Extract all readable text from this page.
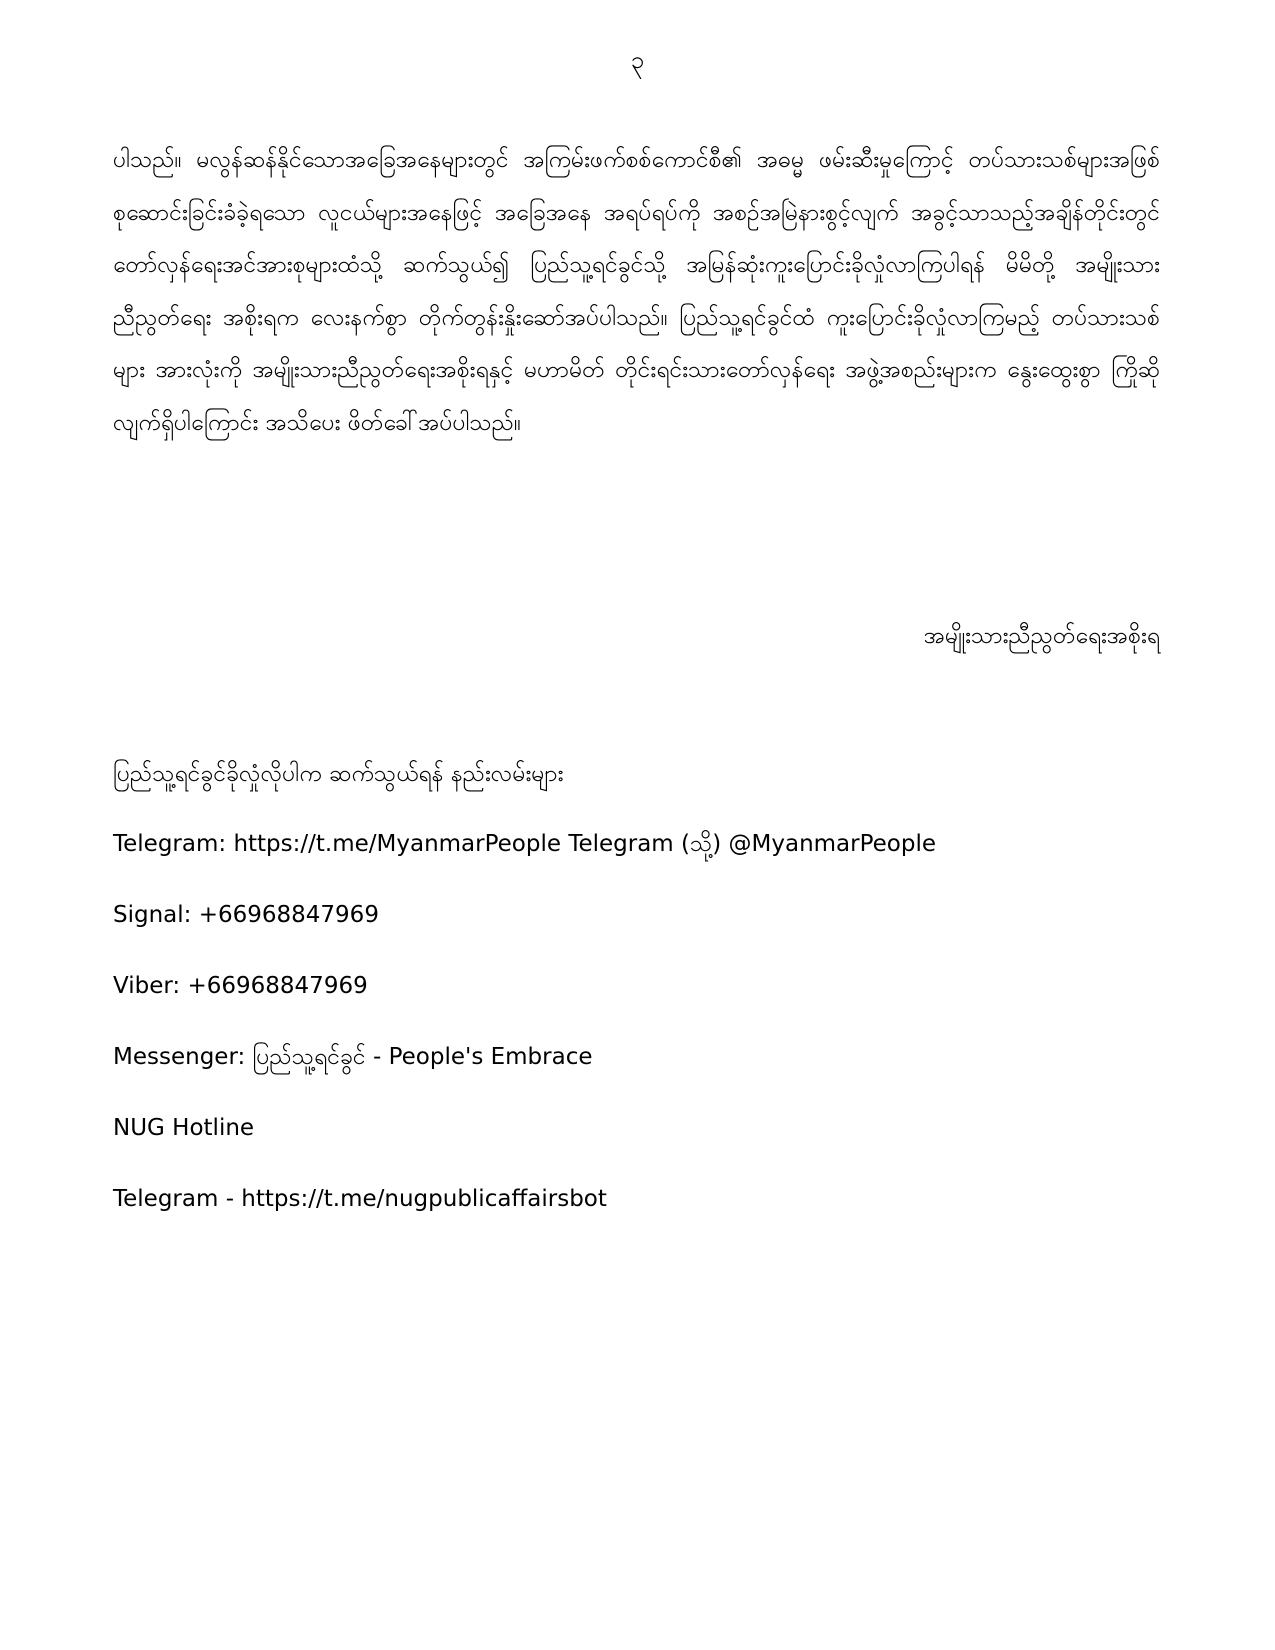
၃

ပါသည်။ မလွန်ဆန်နိုင်သောအခြေအနေများတွင် အကြမ်းဖက်စစ်ကောင်စီ၏ အဓမ္မ ဖမ်းဆီးမှုကြောင့် တပ်သားသစ်များအဖြစ် စုဆောင်းခြင်းခံခဲ့ရသော လူငယ်များအနေဖြင့် အခြေအနေ အရပ်ရပ်ကို အစဉ်အမြဲနားစွင့်လျက် အခွင့်သာသည့်အချိန်တိုင်းတွင် တော်လှန်ရေးအင်အားစုများထံသို့ ဆက်သွယ်၍ ပြည်သူ့ရင်ခွင်သို့ အမြန်ဆုံးကူးပြောင်းခိုလှုံလာကြပါရန် မိမိတို့ အမျိုးသားညီညွတ်ရေး အစိုးရက လေးနက်စွာ တိုက်တွန်းနှိုးဆော်အပ်ပါသည်။ ပြည်သူ့ရင်ခွင်ထံ ကူးပြောင်းခိုလှုံလာကြမည့် တပ်သားသစ်များ အားလုံးကို အမျိုးသားညီညွတ်ရေးအစိုးရနှင့် မဟာမိတ် တိုင်းရင်းသားတော်လှန်ရေး အဖွဲ့အစည်းများက နွေးထွေးစွာ ကြိုဆိုလျက်ရှိပါကြောင်း အသိပေး ဖိတ်ခေါ်အပ်ပါသည်။

အမျိုးသားညီညွတ်ရေးအစိုးရ

ပြည်သူ့ရင်ခွင်ခိုလှုံလိုပါက ဆက်သွယ်ရန် နည်းလမ်းများ

Telegram: https://t.me/MyanmarPeople Telegram (သို့) @MyanmarPeople

Signal: +66968847969

Viber: +66968847969

Messenger: ပြည်သူ့ရင်ခွင် - People's Embrace

NUG Hotline

Telegram - https://t.me/nugpublicaffairsbot
